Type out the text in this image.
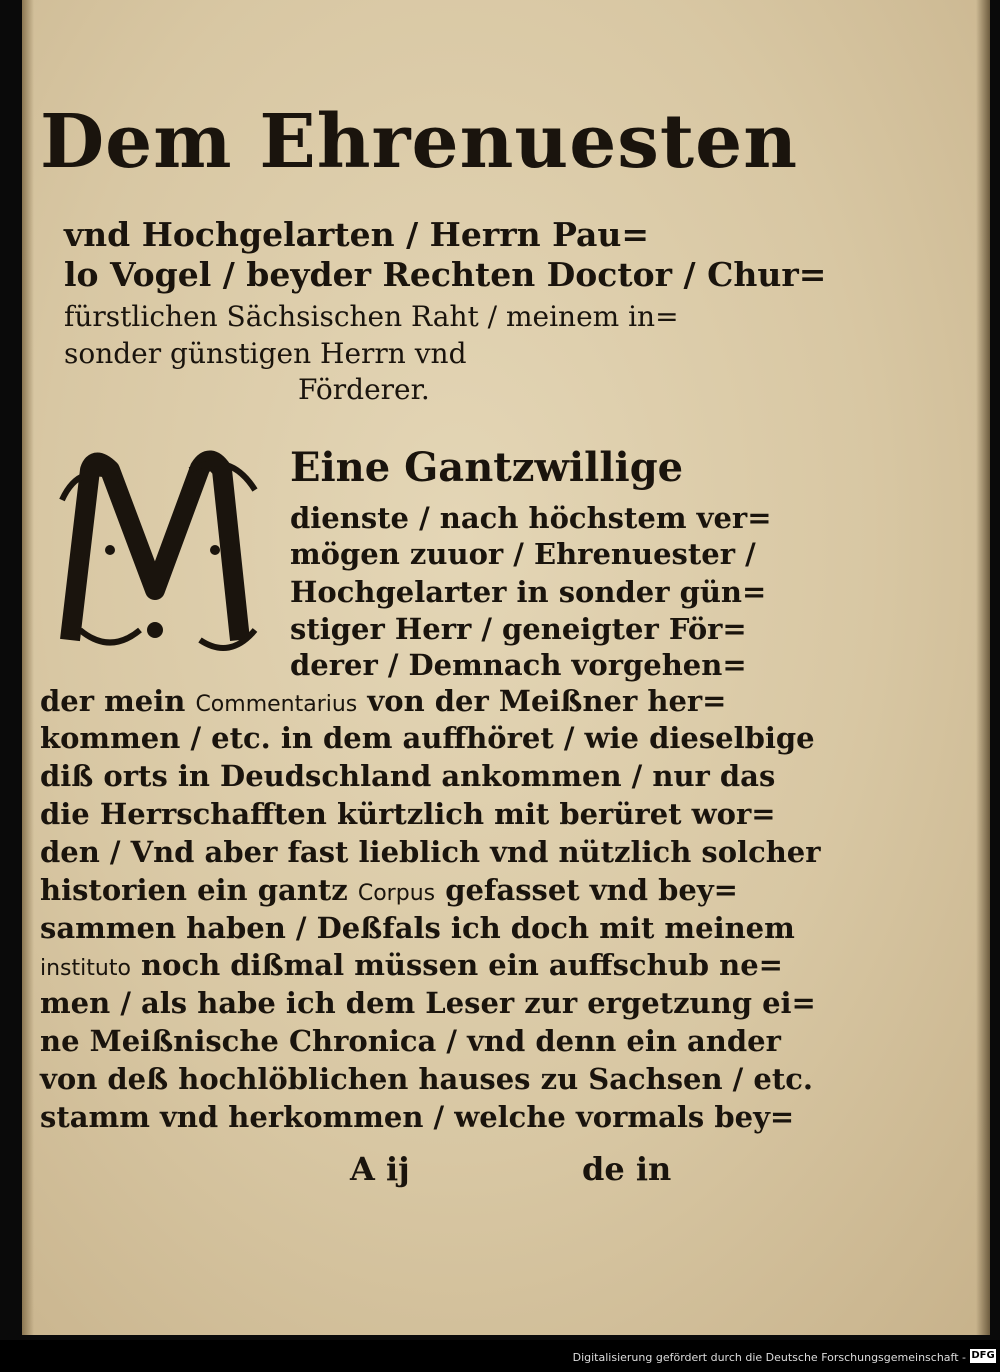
Dem Ehrenuesten
vnd Hochgelarten / Herrn Pau=
lo Vogel / beyder Rechten Doctor / Chur=
fürstlichen Sächsischen Raht / meinem in=
sonder günstigen Herrn vnd
Förderer.
M
Eine Gantzwillige
dienste / nach höchstem ver=
mögen zuuor / Ehrenuester /
Hochgelarter in sonder gün=
stiger Herr / geneigter För=
derer / Demnach vorgehen=
der mein Commentarius von der Meißner her=
kommen / etc. in dem auffhöret / wie dieselbige
diß orts in Deudschland ankommen / nur das
die Herrschafften kürtzlich mit berüret wor=
den / Vnd aber fast lieblich vnd nützlich solcher
historien ein gantz Corpus gefasset vnd bey=
sammen haben / Deßfals ich doch mit meinem
instituto noch dißmal müssen ein auffschub ne=
men / als habe ich dem Leser zur ergetzung ei=
ne Meißnische Chronica / vnd denn ein ander
von deß hochlöblichen hauses zu Sachsen / etc.
stamm vnd herkommen / welche vormals bey=
A ij	de in
Digitalisierung gefördert durch die Deutsche Forschungsgemeinschaft - DFG
